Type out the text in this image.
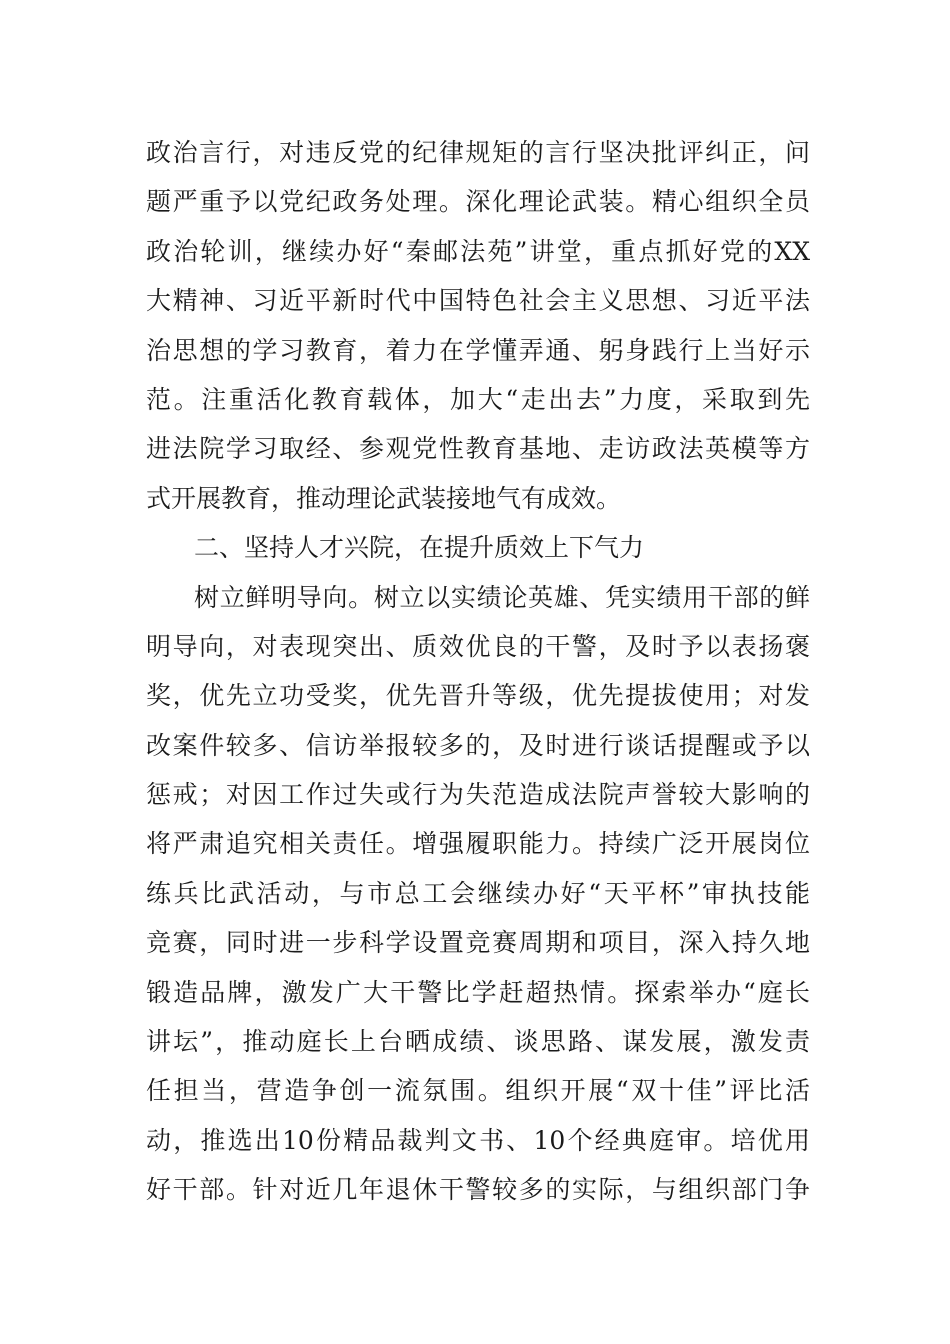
政治言行，对违反党的纪律规矩的言行坚决批评纠正，问
题严重予以党纪政务处理。深化理论武装。精心组织全员
政治轮训，继续办好“秦邮法苑”讲堂，重点抓好党的XX
大精神、习近平新时代中国特色社会主义思想、习近平法
治思想的学习教育，着力在学懂弄通、躬身践行上当好示
范。注重活化教育载体，加大“走出去”力度，采取到先
进法院学习取经、参观党性教育基地、走访政法英模等方
式开展教育，推动理论武装接地气有成效。
二、坚持人才兴院，在提升质效上下气力
树立鲜明导向。树立以实绩论英雄、凭实绩用干部的鲜
明导向，对表现突出、质效优良的干警，及时予以表扬褒
奖，优先立功受奖，优先晋升等级，优先提拔使用；对发
改案件较多、信访举报较多的，及时进行谈话提醒或予以
惩戒；对因工作过失或行为失范造成法院声誉较大影响的
将严肃追究相关责任。增强履职能力。持续广泛开展岗位
练兵比武活动，与市总工会继续办好“天平杯”审执技能
竞赛，同时进一步科学设置竞赛周期和项目，深入持久地
锻造品牌，激发广大干警比学赶超热情。探索举办“庭长
讲坛”，推动庭长上台晒成绩、谈思路、谋发展，激发责
任担当，营造争创一流氛围。组织开展“双十佳”评比活
动，推选出10份精品裁判文书、10个经典庭审。培优用
好干部。针对近几年退休干警较多的实际，与组织部门争
